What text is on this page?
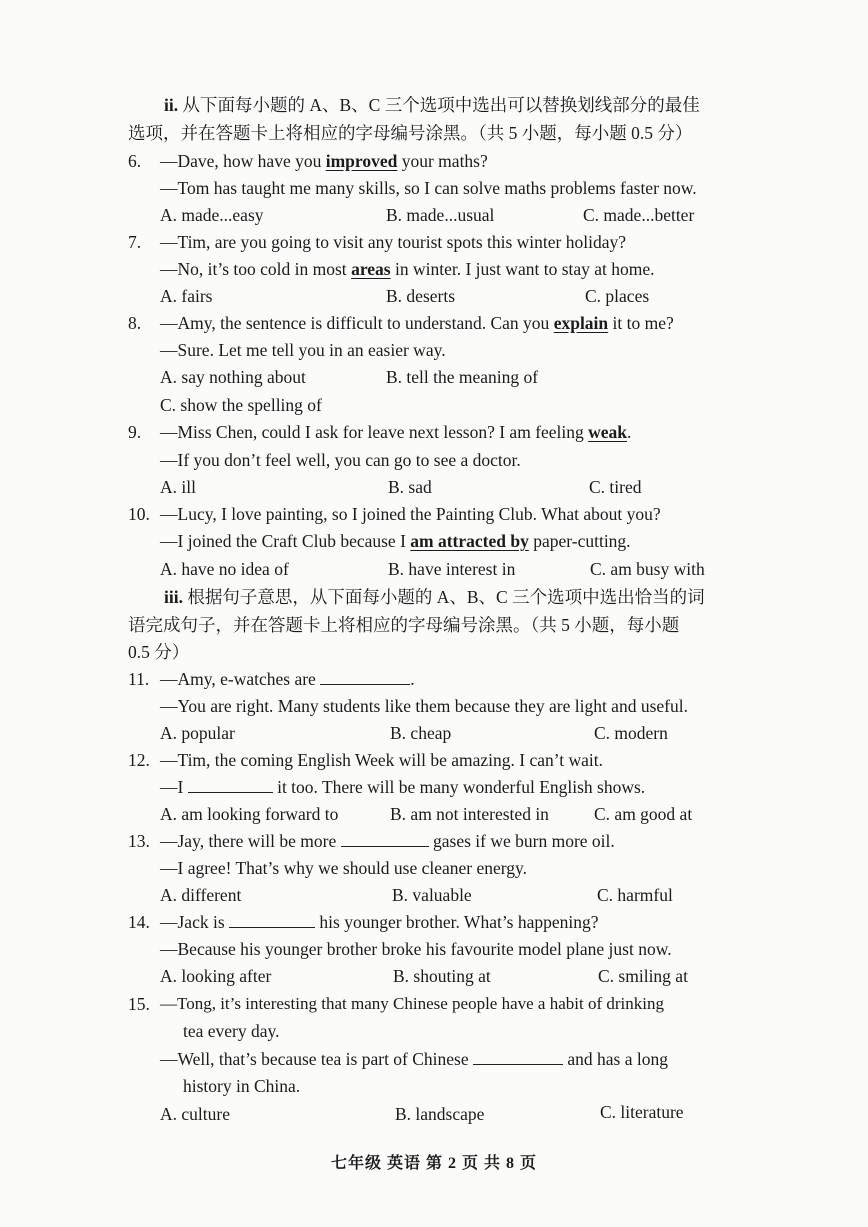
ii. 从下面每小题的 A、B、C 三个选项中选出可以替换划线部分的最佳
选项，并在答题卡上将相应的字母编号涂黑。（共 5 小题，每小题 0.5 分）
6. —Dave, how have you improved your maths?
—Tom has taught me many skills, so I can solve maths problems faster now.
A. made...easy	B. made...usual	C. made...better
7. —Tim, are you going to visit any tourist spots this winter holiday?
—No, it’s too cold in most areas in winter. I just want to stay at home.
A. fairs	B. deserts	C. places
8. —Amy, the sentence is difficult to understand. Can you explain it to me?
—Sure. Let me tell you in an easier way.
A. say nothing about	B. tell the meaning of
C. show the spelling of
9. —Miss Chen, could I ask for leave next lesson? I am feeling weak.
—If you don’t feel well, you can go to see a doctor.
A. ill	B. sad	C. tired
10. —Lucy, I love painting, so I joined the Painting Club. What about you?
—I joined the Craft Club because I am attracted by paper-cutting.
A. have no idea of	B. have interest in	C. am busy with
iii. 根据句子意思，从下面每小题的 A、B、C 三个选项中选出恰当的词
语完成句子，并在答题卡上将相应的字母编号涂黑。（共 5 小题，每小题
0.5 分）
11. —Amy, e-watches are	.
—You are right. Many students like them because they are light and useful.
A. popular	B. cheap	C. modern
12. —Tim, the coming English Week will be amazing. I can’t wait.
—I	it too. There will be many wonderful English shows.
A. am looking forward to	B. am not interested in	C. am good at
13. —Jay, there will be more	gases if we burn more oil.
—I agree! That’s why we should use cleaner energy.
A. different	B. valuable	C. harmful
14. —Jack is	his younger brother. What’s happening?
—Because his younger brother broke his favourite model plane just now.
A. looking after	B. shouting at	C. smiling at
15. —Tong, it’s interesting that many Chinese people have a habit of drinking
tea every day.
—Well, that’s because tea is part of Chinese	and has a long
history in China.
A. culture	B. landscape	C. literature
七年级 英语 第 2 页 共 8 页
